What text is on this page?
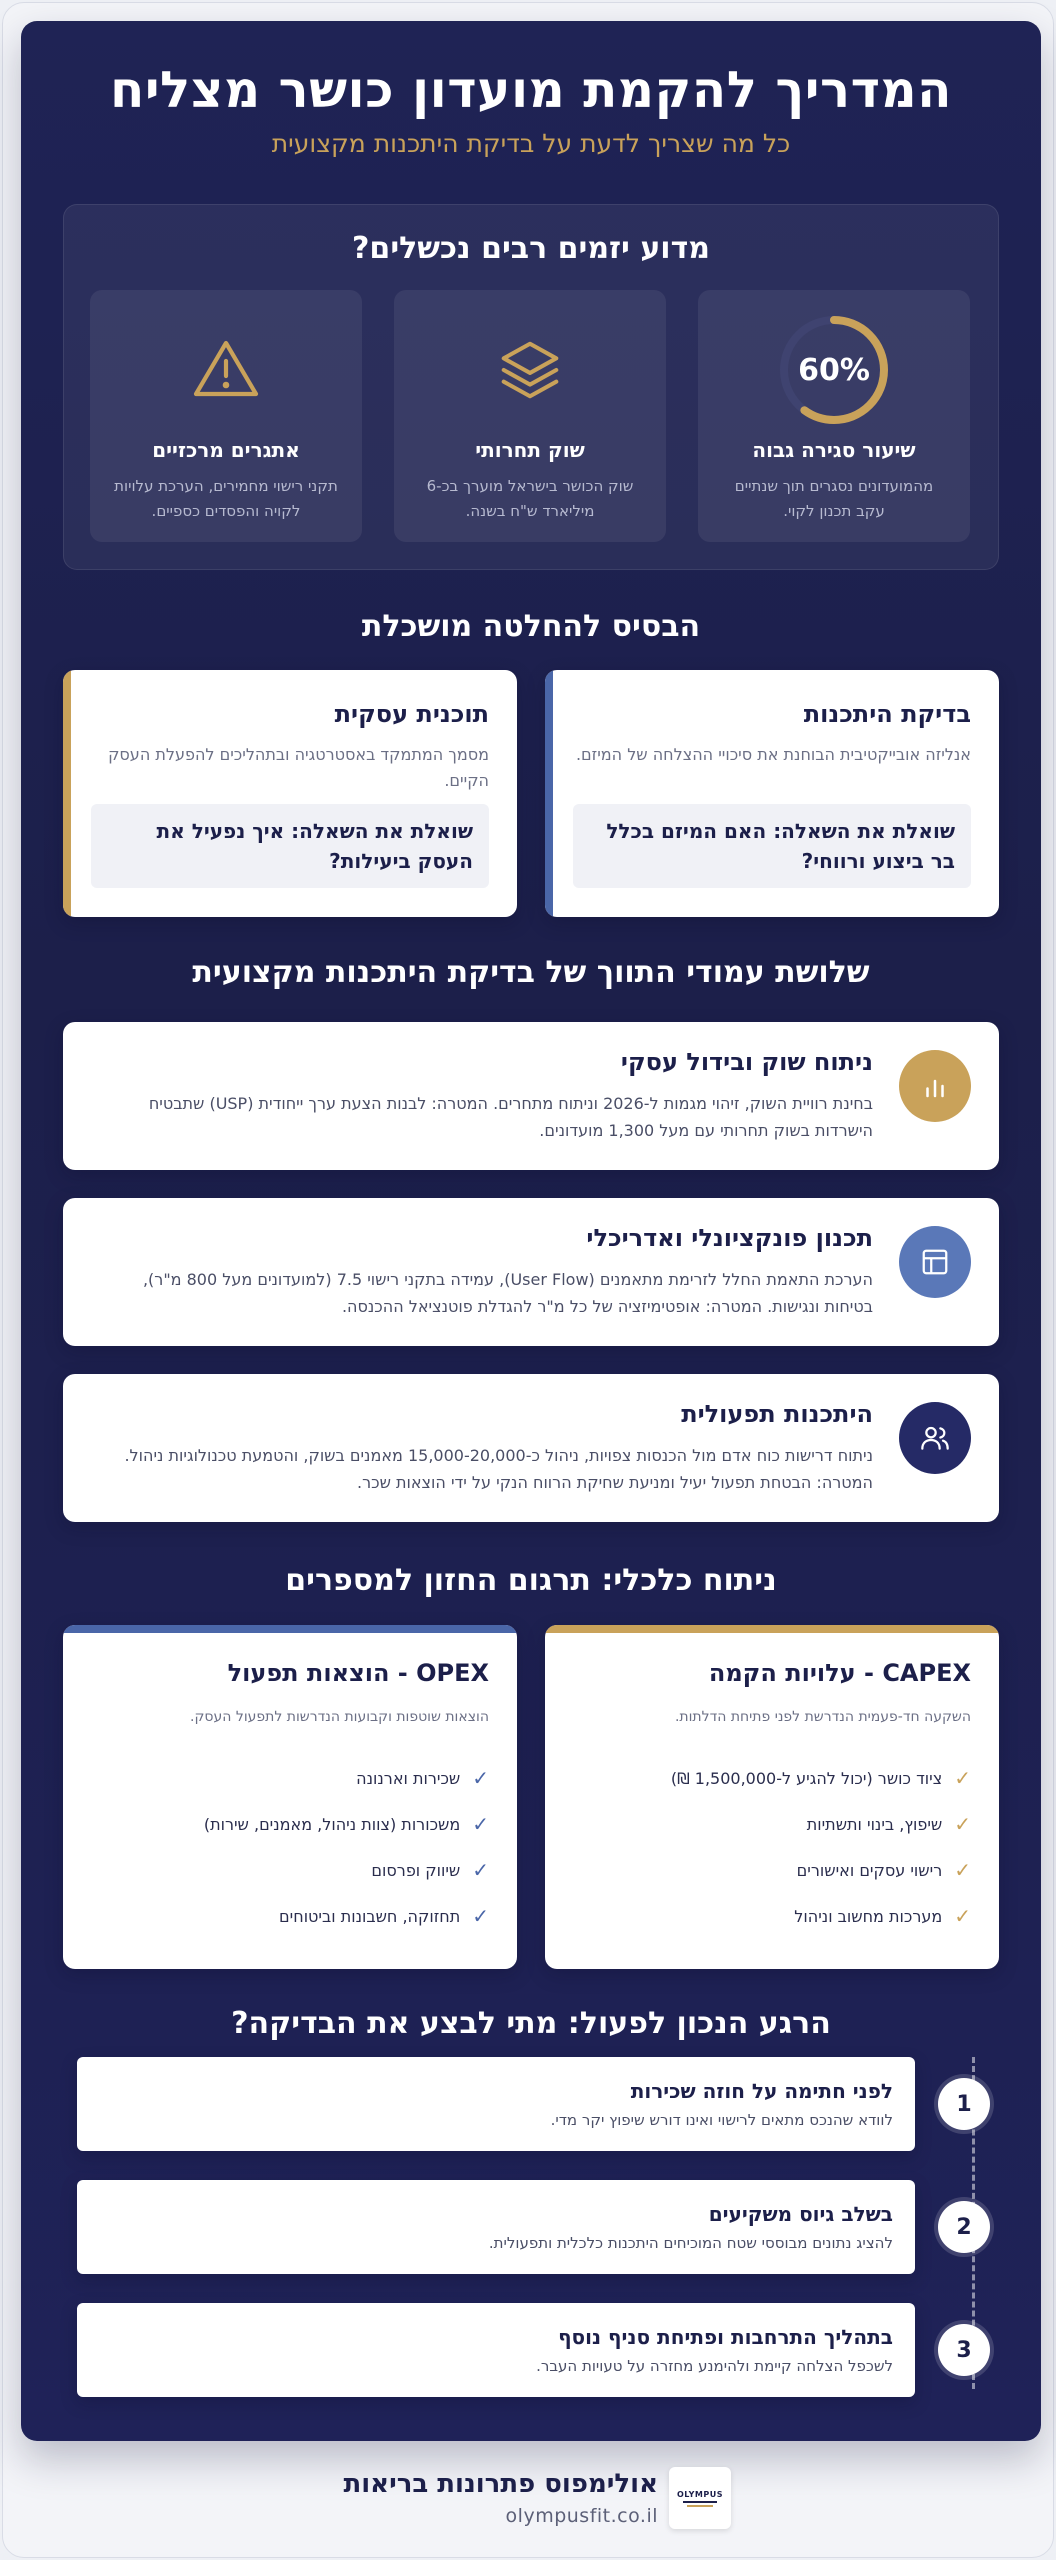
המדריך להקמת מועדון כושר מצליח
כל מה שצריך לדעת על בדיקת היתכנות מקצועית
מדוע יזמים רבים נכשלים?
60%
שיעור סגירה גבוה
מהמועדונים נסגרים תוך שנתיים עקב תכנון לקוי.
שוק תחרותי
שוק הכושר בישראל מוערך בכ-6 מיליארד ש"ח בשנה.
אתגרים מרכזיים
תקני רישוי מחמירים, הערכת עלויות לקויה והפסדים כספיים.
הבסיס להחלטה מושכלת
בדיקת היתכנות
אנליזה אובייקטיבית הבוחנת את סיכויי ההצלחה של המיזם.
שואלת את השאלה: האם המיזם בכלל בר ביצוע ורווחי?
תוכנית עסקית
מסמך המתמקד באסטרטגיה ובתהליכים להפעלת העסק הקיים.
שואלת את השאלה: איך נפעיל את העסק ביעילות?
שלושת עמודי התווך של בדיקת היתכנות מקצועית
ניתוח שוק ובידול עסקי
בחינת רוויית השוק, זיהוי מגמות ל-2026 וניתוח מתחרים. המטרה: לבנות הצעת ערך ייחודית (USP) שתבטיח הישרדות בשוק תחרותי עם מעל 1,300 מועדונים.
תכנון פונקציונלי ואדריכלי
הערכת התאמת החלל לזרימת מתאמנים (User Flow), עמידה בתקני רישוי 7.5 (למועדונים מעל 800 מ"ר), בטיחות ונגישות. המטרה: אופטימיזציה של כל מ"ר להגדלת פוטנציאל ההכנסה.
היתכנות תפעולית
ניתוח דרישות כוח אדם מול הכנסות צפויות, ניהול כ-15,000-20,000 מאמנים בשוק, והטמעת טכנולוגיות ניהול. המטרה: הבטחת תפעול יעיל ומניעת שחיקת הרווח הנקי על ידי הוצאות שכר.
ניתוח כלכלי: תרגום החזון למספרים
CAPEX - עלויות הקמה
השקעה חד-פעמית הנדרשת לפני פתיחת הדלתות.
✓
ציוד כושר (יכול להגיע ל-1,500,000 ₪)
✓
שיפוץ, בינוי ותשתיות
✓
רישוי עסקים ואישורים
✓
מערכות מחשוב וניהול
OPEX - הוצאות תפעול
הוצאות שוטפות וקבועות הנדרשות לתפעול העסק.
✓
שכירות וארנונה
✓
משכורות (צוות ניהול, מאמנים, שירות)
✓
שיווק ופרסום
✓
תחזוקה, חשבונות וביטוחים
הרגע הנכון לפעול: מתי לבצע את הבדיקה?
לפני חתימה על חוזה שכירות
לוודא שהנכס מתאים לרישוי ואינו דורש שיפוץ יקר מדי.
1
בשלב גיוס משקיעים
להציג נתונים מבוססי שטח המוכיחים היתכנות כלכלית ותפעולית.
2
בתהליך התרחבות ופתיחת סניף נוסף
לשכפל הצלחה קיימת ולהימנע מחזרה על טעויות העבר.
3
אולימפוס פתרונות בריאות
olympusfit.co.il
OLYMPUS
